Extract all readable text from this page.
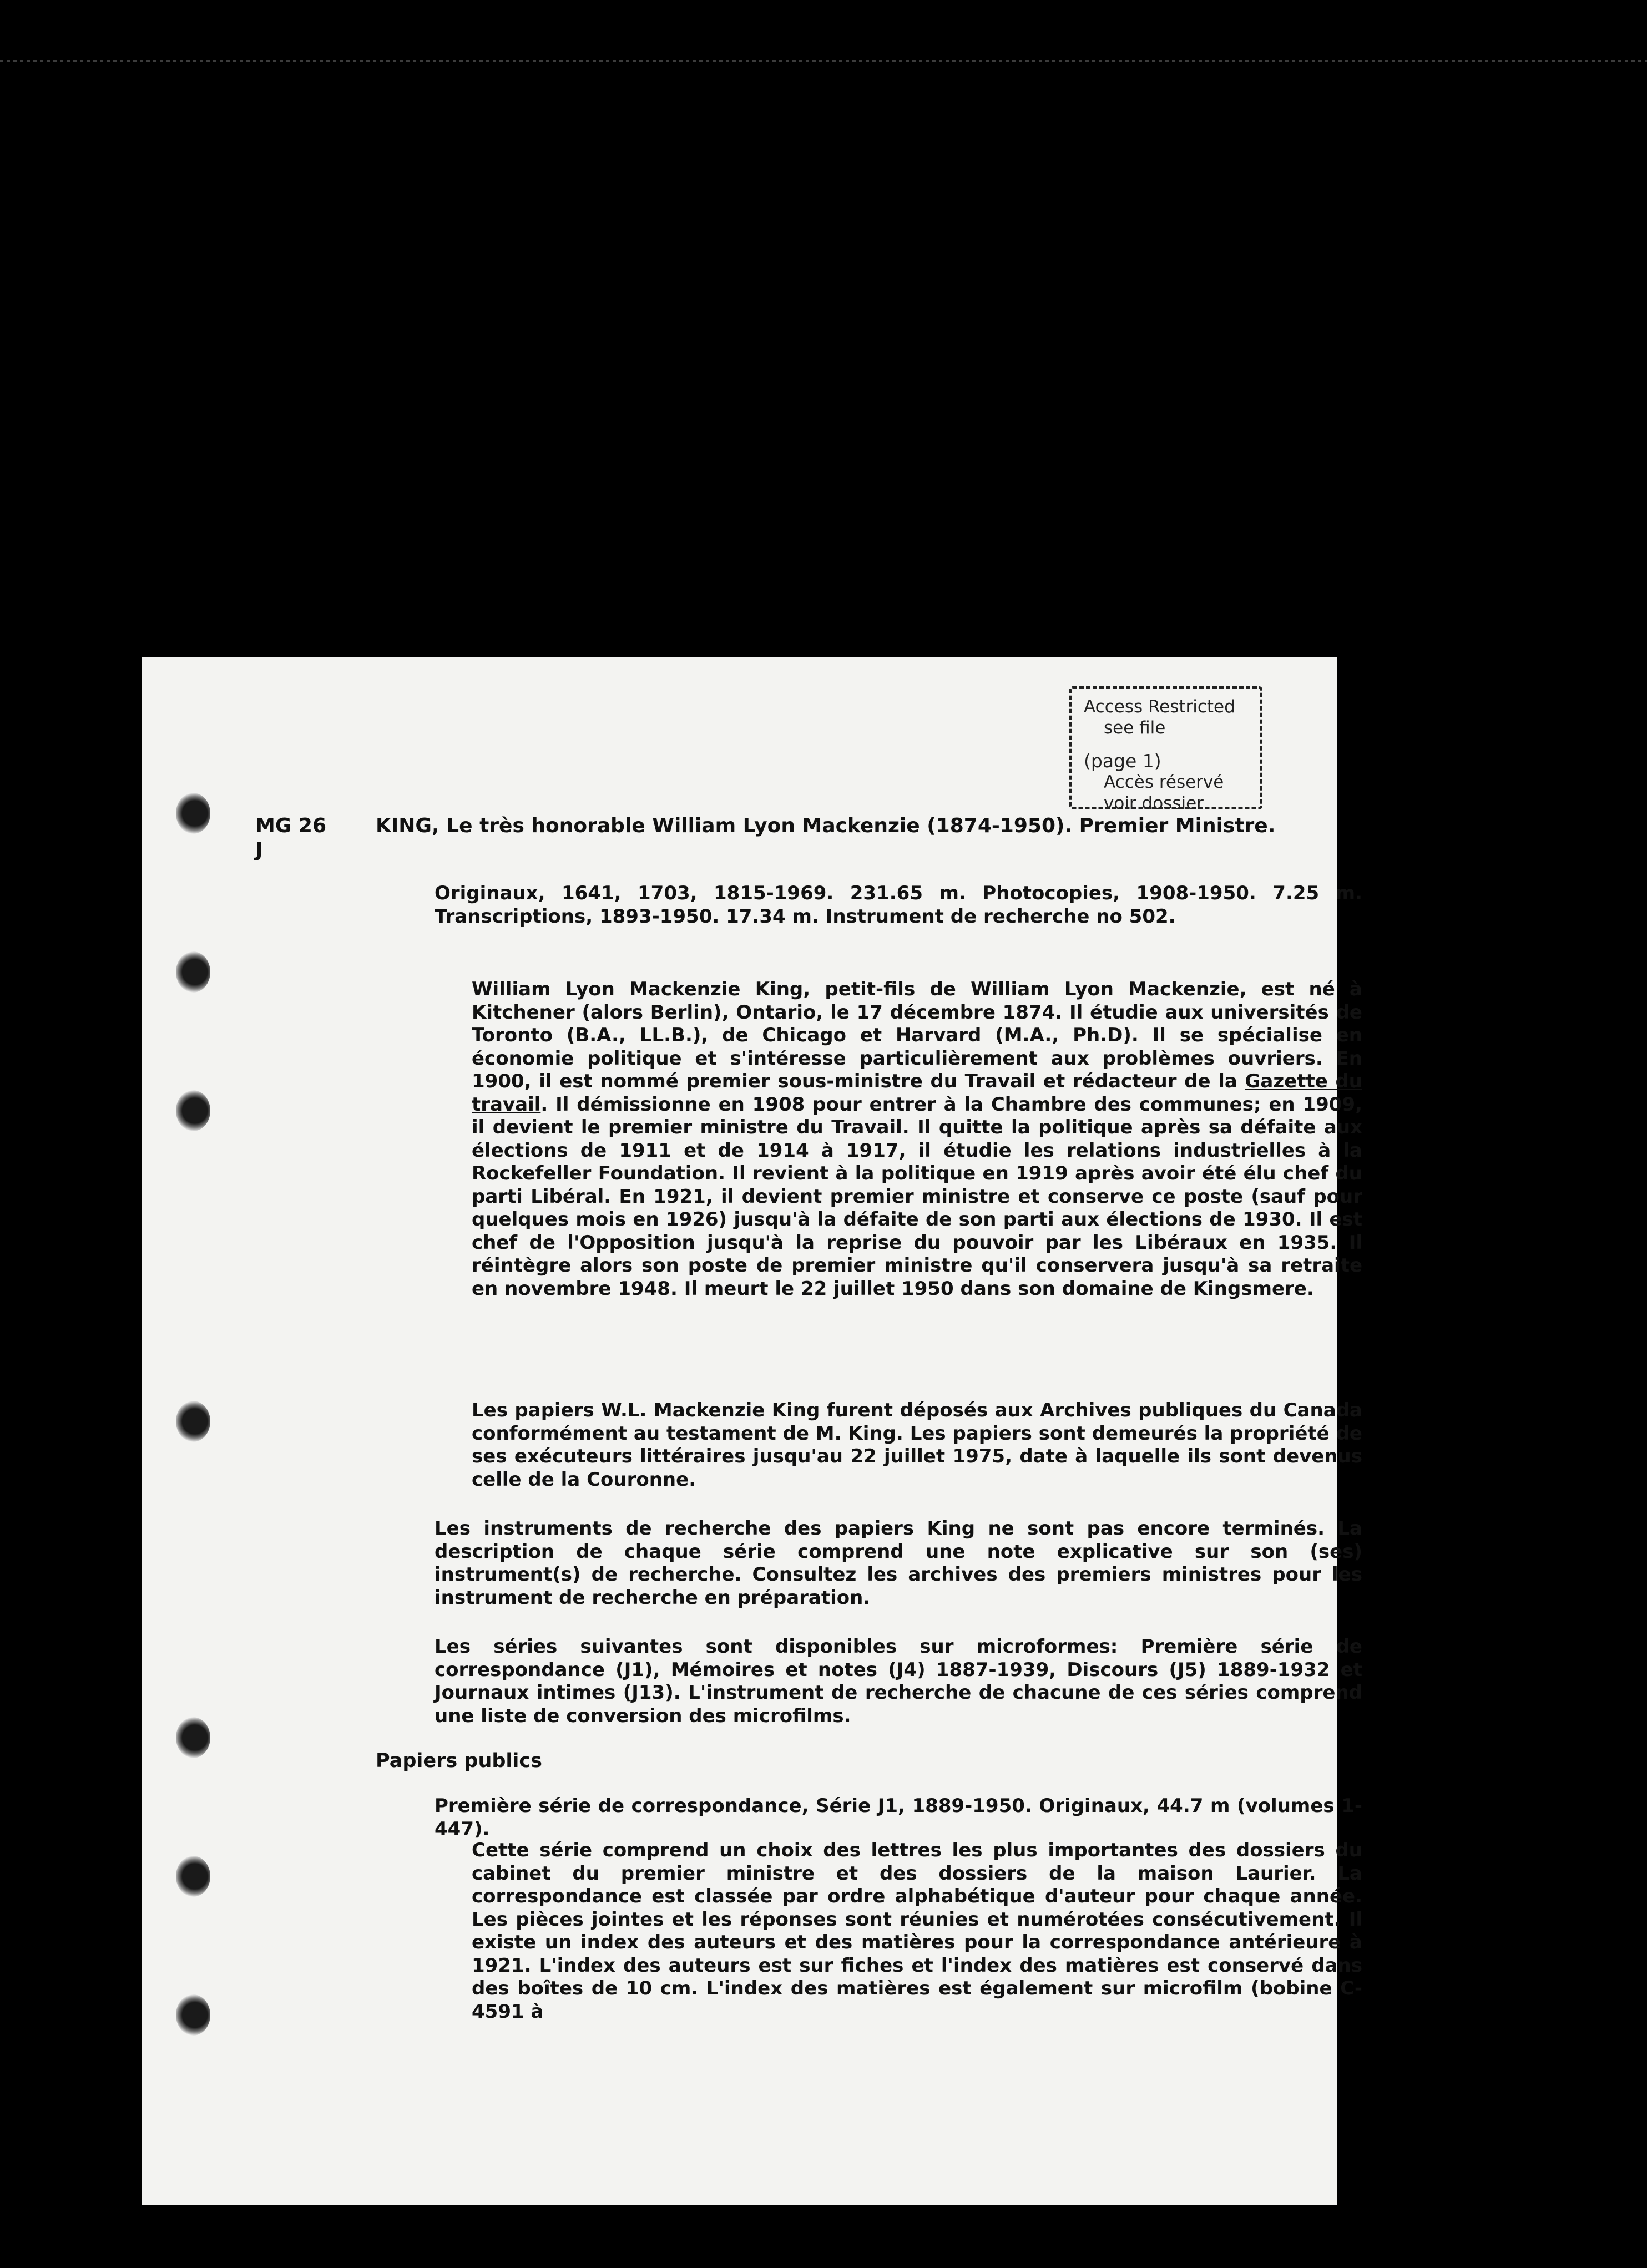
Access Restricted
see file
(page 1)
Accès réservé
voir dossier
MG 26
J
KING, Le très honorable William Lyon Mackenzie (1874-1950). Premier Ministre.

Originaux, 1641, 1703, 1815-1969. 231.65 m. Photocopies, 1908-1950. 7.25 m. Transcriptions, 1893-1950. 17.34 m. Instrument de recherche no 502.

William Lyon Mackenzie King, petit-fils de William Lyon Mackenzie, est né à Kitchener (alors Berlin), Ontario, le 17 décembre 1874. Il étudie aux universités de Toronto (B.A., LL.B.), de Chicago et Harvard (M.A., Ph.D). Il se spécialise en économie politique et s'intéresse particulièrement aux problèmes ouvriers. En 1900, il est nommé premier sous-ministre du Travail et rédacteur de la Gazette du travail. Il démissionne en 1908 pour entrer à la Chambre des communes; en 1909, il devient le premier ministre du Travail. Il quitte la politique après sa défaite aux élections de 1911 et de 1914 à 1917, il étudie les relations industrielles à la Rockefeller Foundation. Il revient à la politique en 1919 après avoir été élu chef du parti Libéral. En 1921, il devient premier ministre et conserve ce poste (sauf pour quelques mois en 1926) jusqu'à la défaite de son parti aux élections de 1930. Il est chef de l'Opposition jusqu'à la reprise du pouvoir par les Libéraux en 1935. Il réintègre alors son poste de premier ministre qu'il conservera jusqu'à sa retraite en novembre 1948. Il meurt le 22 juillet 1950 dans son domaine de Kingsmere.

Les papiers W.L. Mackenzie King furent déposés aux Archives publiques du Canada conformément au testament de M. King. Les papiers sont demeurés la propriété de ses exécuteurs littéraires jusqu'au 22 juillet 1975, date à laquelle ils sont devenus celle de la Couronne.

Les instruments de recherche des papiers King ne sont pas encore terminés. La description de chaque série comprend une note explicative sur son (ses) instrument(s) de recherche. Consultez les archives des premiers ministres pour les instrument de recherche en préparation.

Les séries suivantes sont disponibles sur microformes: Première série de correspondance (J1), Mémoires et notes (J4) 1887-1939, Discours (J5) 1889-1932 et Journaux intimes (J13). L'instrument de recherche de chacune de ces séries comprend une liste de conversion des microfilms.

Papiers publics

Première série de correspondance, Série J1, 1889-1950. Originaux, 44.7 m (volumes 1-447).

Cette série comprend un choix des lettres les plus importantes des dossiers du cabinet du premier ministre et des dossiers de la maison Laurier. La correspondance est classée par ordre alphabétique d'auteur pour chaque année. Les pièces jointes et les réponses sont réunies et numérotées consécutivement. Il existe un index des auteurs et des matières pour la correspondance antérieure à 1921. L'index des auteurs est sur fiches et l'index des matières est conservé dans des boîtes de 10 cm. L'index des matières est également sur microfilm (bobine C-4591 à
